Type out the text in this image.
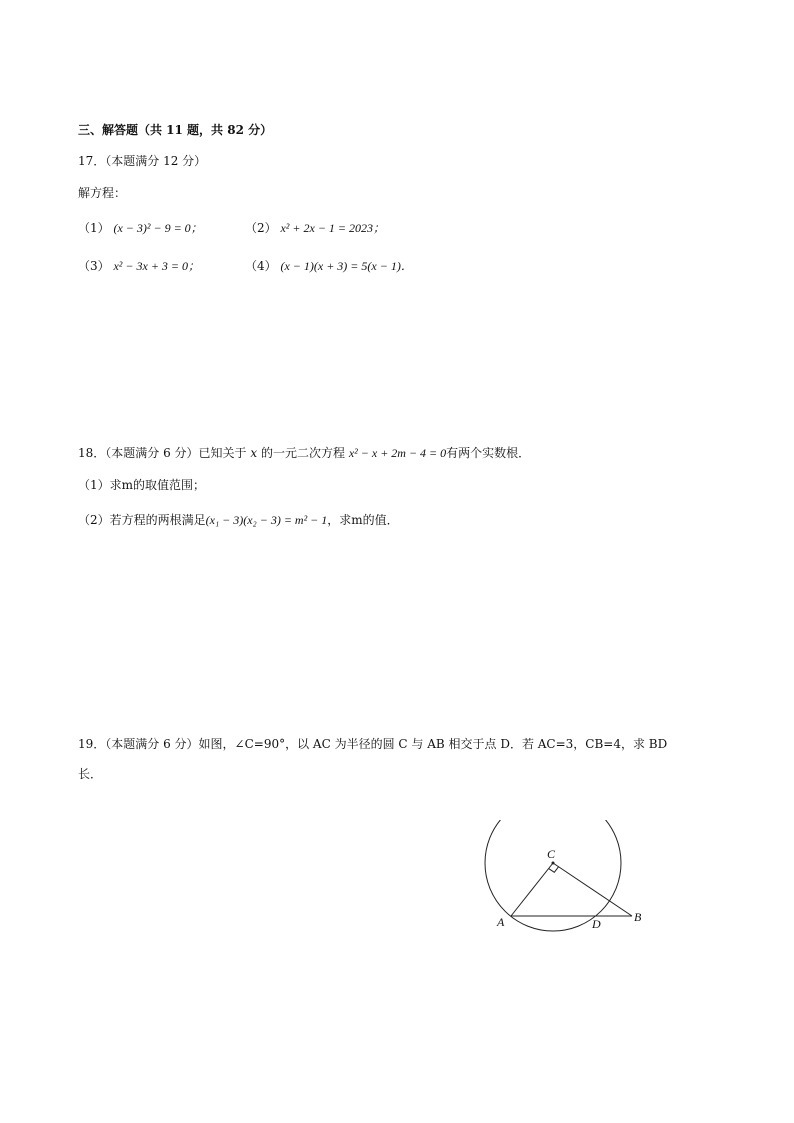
三、解答题（共 11 题，共 82 分）
17．（本题满分 12 分）
解方程：
（1） (x − 3)² − 9 = 0；	（2） x² + 2x − 1 = 2023；
（3） x² − 3x + 3 = 0；	（4） (x − 1)(x + 3) = 5(x − 1)．
18．（本题满分 6 分）已知关于 x 的一元二次方程 x² − x + 2m − 4 = 0有两个实数根．
（1）求m的取值范围；
（2）若方程的两根满足(x₁ − 3)(x₂ − 3) = m² − 1，求m的值．
19．（本题满分 6 分）如图，∠C=90°，以 AC 为半径的圆 C 与 AB 相交于点 D．若 AC=3，CB=4，求 BD
长．
C
A	D	B
